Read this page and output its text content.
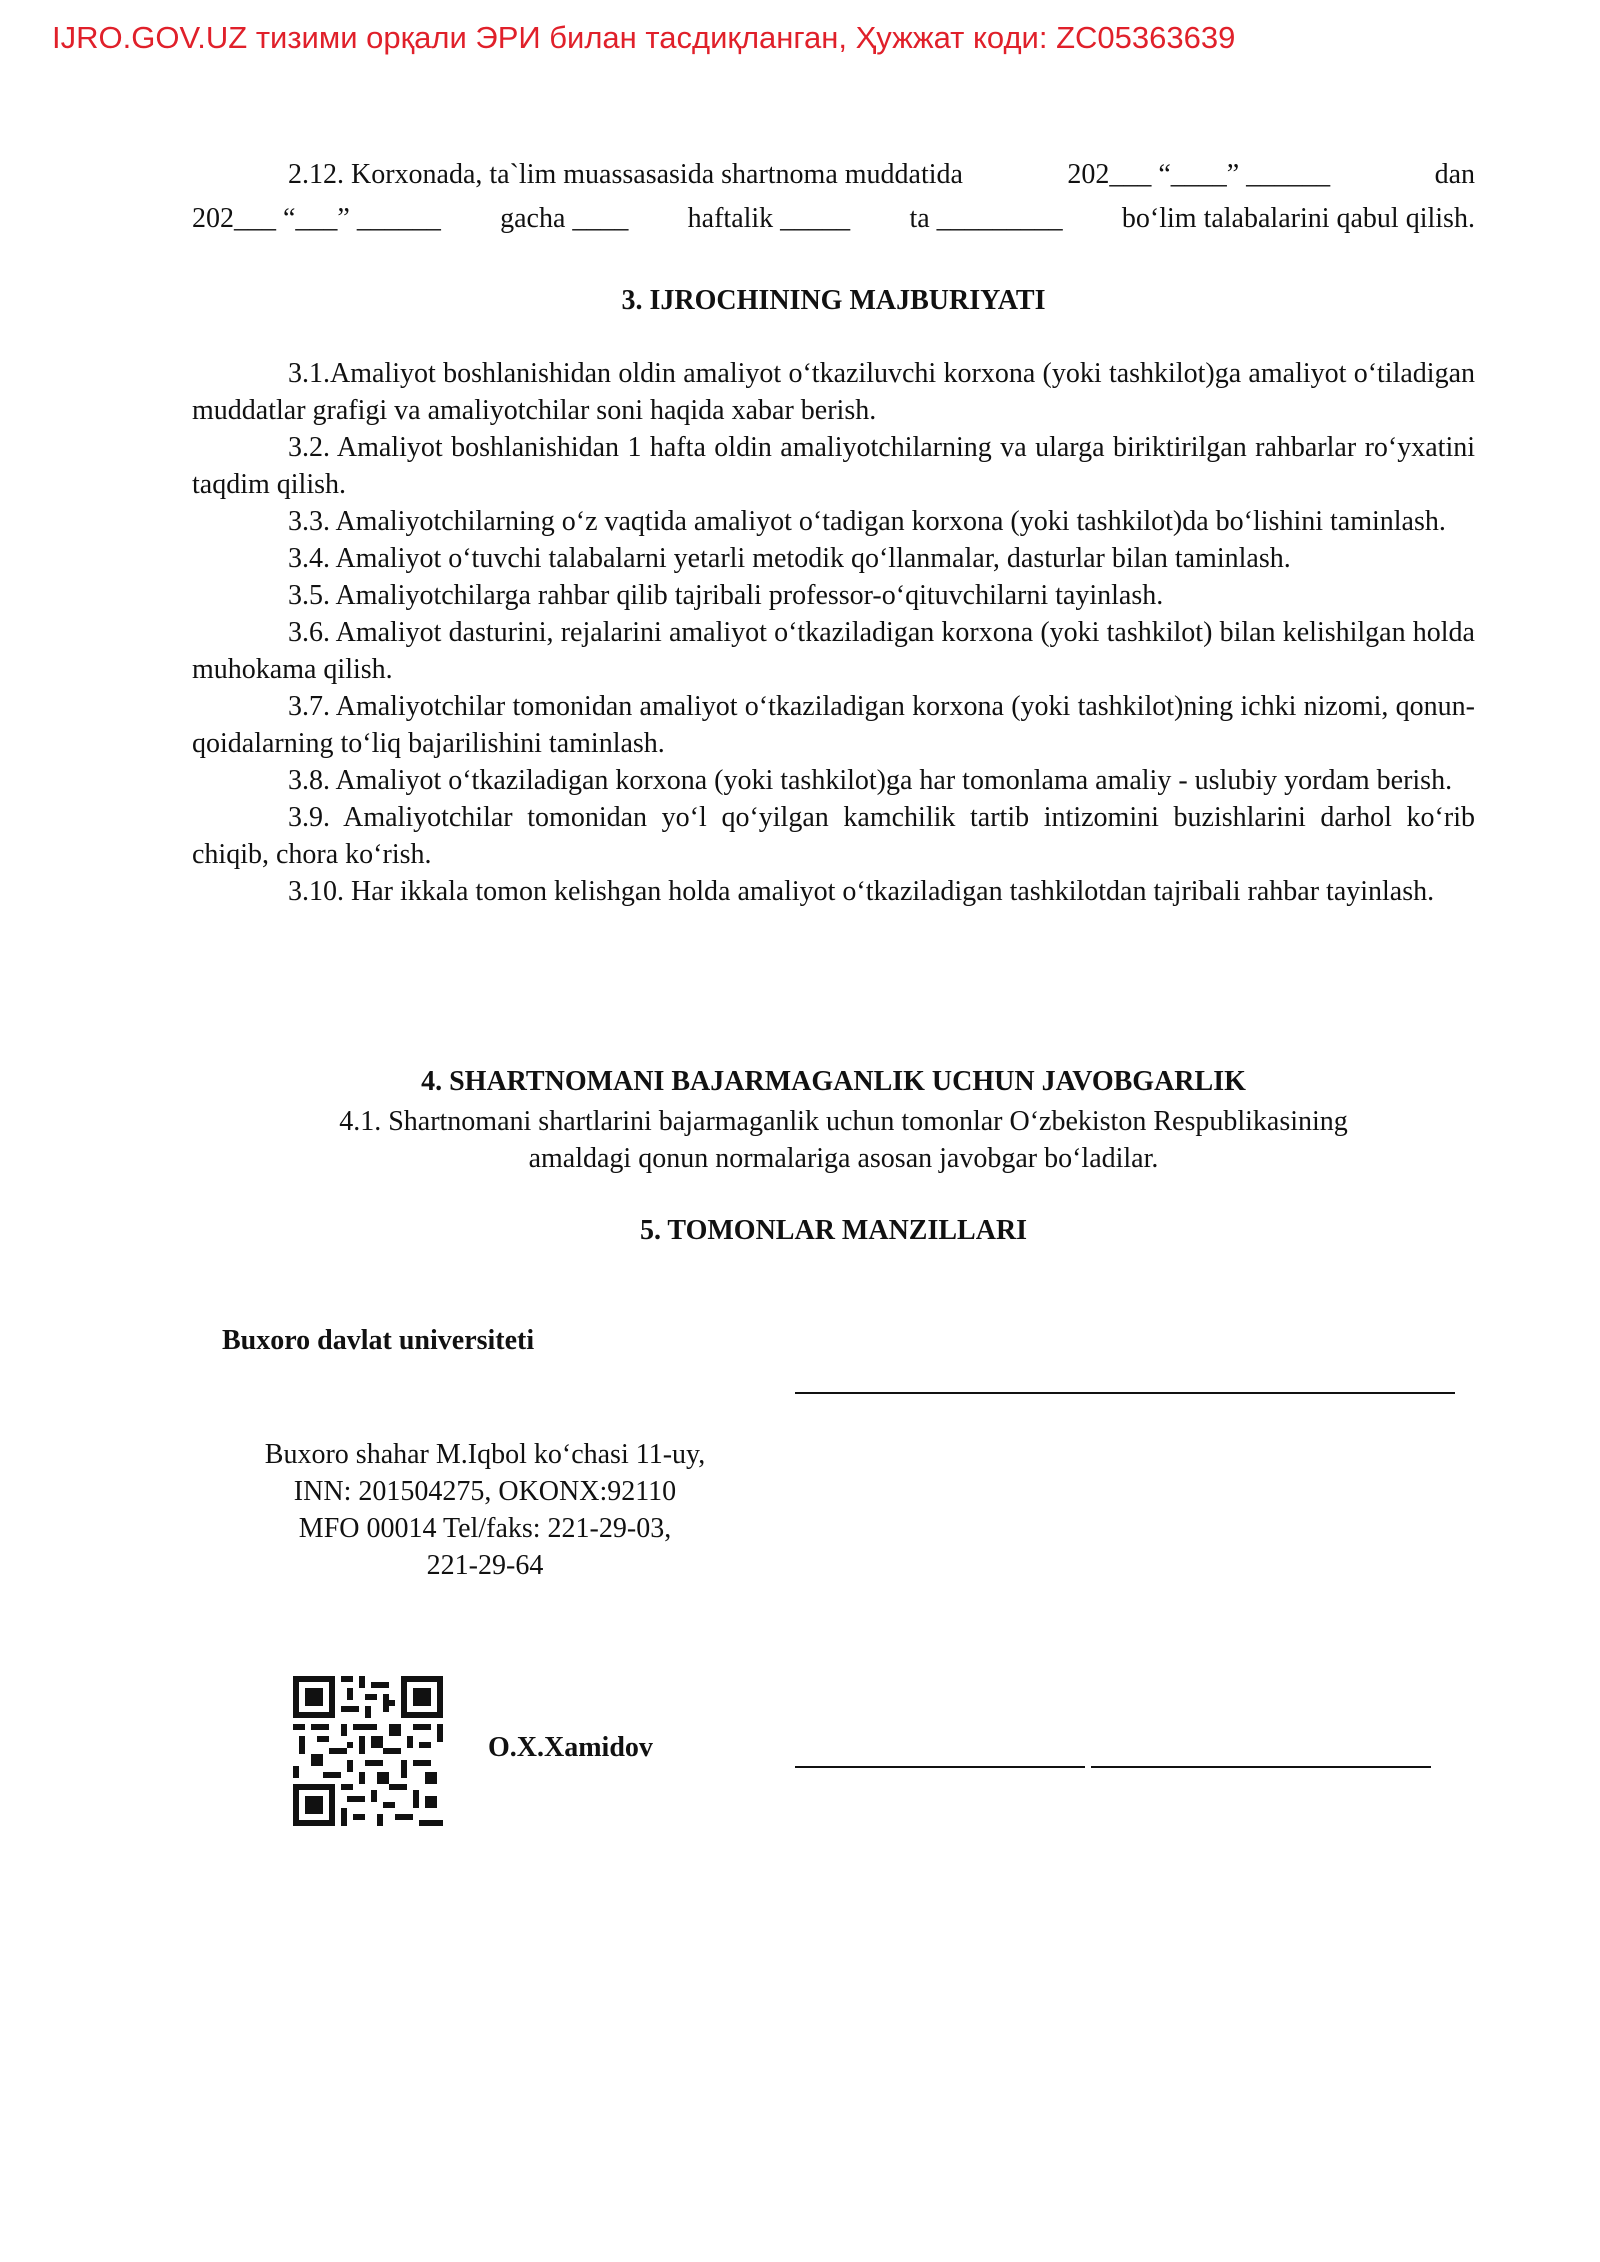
IJRO.GOV.UZ тизими орқали ЭРИ билан тасдиқланган, Ҳужжат коди: ZC05363639

2.12. Korxonada, ta`lim muassasasida shartnoma muddatida	202___ “____” ______	dan
202___ “___” ______ gacha ____ haftalik _____ ta _________ bo‘lim talabalarini qabul qilish.
3. IJROCHINING MAJBURIYATI

3.1.Amaliyot boshlanishidan oldin amaliyot o‘tkaziluvchi korxona (yoki tashkilot)ga amaliyot o‘tiladigan muddatlar grafigi va amaliyotchilar soni haqida xabar berish.

3.2. Amaliyot boshlanishidan 1 hafta oldin amaliyotchilarning va ularga biriktirilgan rahbarlar ro‘yxatini taqdim qilish.

3.3. Amaliyotchilarning o‘z vaqtida amaliyot o‘tadigan korxona (yoki tashkilot)da bo‘lishini taminlash.

3.4. Amaliyot o‘tuvchi talabalarni yetarli metodik qo‘llanmalar, dasturlar bilan taminlash.

3.5. Amaliyotchilarga rahbar qilib tajribali professor-o‘qituvchilarni tayinlash.

3.6. Amaliyot dasturini, rejalarini amaliyot o‘tkaziladigan korxona (yoki tashkilot) bilan kelishilgan holda muhokama qilish.

3.7. Amaliyotchilar tomonidan amaliyot o‘tkaziladigan korxona (yoki tashkilot)ning ichki nizomi, qonun-qoidalarning to‘liq bajarilishini taminlash.

3.8. Amaliyot o‘tkaziladigan korxona (yoki tashkilot)ga har tomonlama amaliy - uslubiy yordam berish.

3.9. Amaliyotchilar tomonidan yo‘l qo‘yilgan kamchilik tartib intizomini buzishlarini darhol ko‘rib chiqib, chora ko‘rish.

3.10. Har ikkala tomon kelishgan holda amaliyot o‘tkaziladigan tashkilotdan tajribali rahbar tayinlash.

4. SHARTNOMANI BAJARMAGANLIK UCHUN JAVOBGARLIK

4.1. Shartnomani shartlarini bajarmaganlik uchun tomonlar O‘zbekiston Respublikasining
amaldagi qonun normalariga asosan javobgar bo‘ladilar.

5. TOMONLAR MANZILLARI

Buxoro davlat universiteti

Buxoro shahar M.Iqbol ko‘chasi 11-uy,
INN: 201504275, OKONX:92110
MFO 00014 Tel/faks: 221-29-03,
221-29-64

O.X.Xamidov
